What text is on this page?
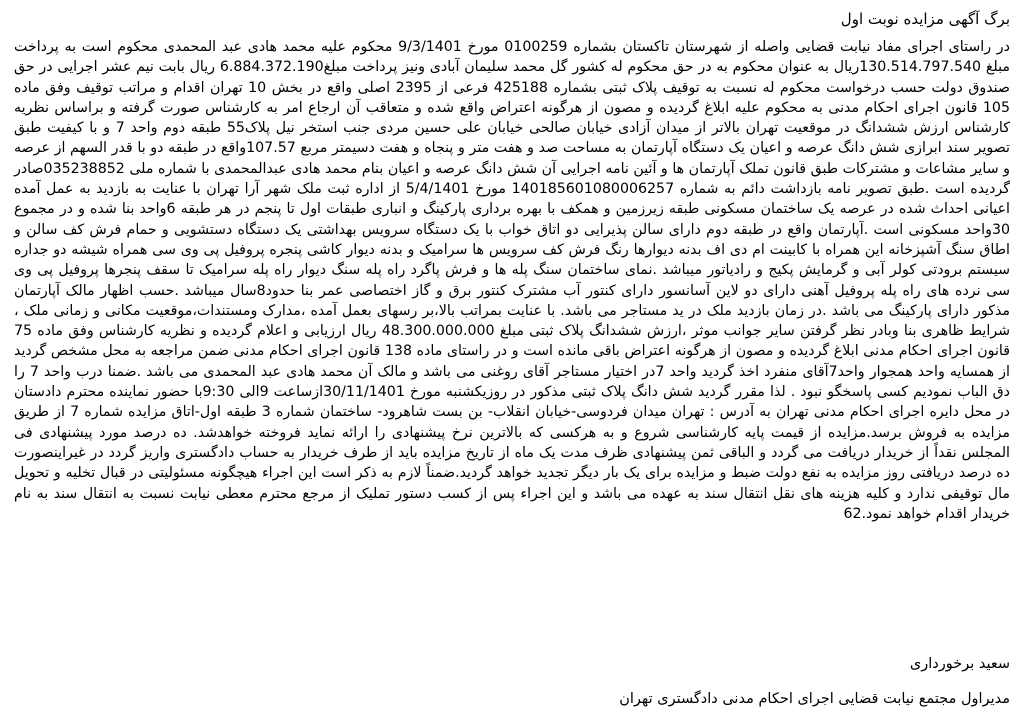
برگ آگهی مزایده نوبت اول

در راستای اجرای مفاد نیابت قضایی واصله از شهرستان تاکستان بشماره 0100259 مورخ 9/3/1401 محکوم علیه محمد هادی عبد المحمدی محکوم است به پرداخت مبلغ 130.514.797.540ریال به عنوان محکوم به در حق محکوم له کشور گل محمد سلیمان آبادی ونیز پرداخت مبلغ6.884.372.190 ریال بابت نیم عشر اجرایی در حق صندوق دولت حسب درخواست محکوم له نسبت به توقیف پلاک ثبتی بشماره 425188 فرعی از 2395 اصلی واقع در بخش 10 تهران اقدام و مراتب توقیف وفق ماده 105 قانون اجرای احکام مدنی به محکوم علیه ابلاغ گردیده و مصون از هرگونه اعتراض واقع شده و متعاقب آن ارجاع امر به کارشناس صورت گرفته و براساس نظریه کارشناس ارزش ششدانگ در موقعیت تهران بالاتر از میدان آزادی خیابان صالحی خیابان علی حسین مردی جنب استخر نیل پلاک55 طبقه دوم واحد 7 و با کیفیت طبق تصویر سند ابرازی شش دانگ عرصه و اعیان یک دستگاه آپارتمان به مساحت صد و هفت متر و پنجاه و هفت دسیمتر مربع 107.57واقع در طبقه دو با قدر السهم از عرصه و سایر مشاعات و مشترکات طبق قانون تملک آپارتمان ها و آئین نامه اجرایی آن شش دانگ عرصه و اعیان بنام محمد هادی عبدالمحمدی با شماره ملی 035238852صادر گردیده است .طبق تصویر نامه بازداشت دائم به شماره 140185601080006257 مورخ 5/4/1401 از اداره ثبت ملک شهر آرا تهران با عنایت به بازدید به عمل آمده اعیانی احداث شده در عرصه یک ساختمان مسکونی طبقه زیرزمین و همکف با بهره برداری پارکینگ و انباری طبقات اول تا پنجم در هر طبقه 6واحد بنا شده و در مجموع 30واحد مسکونی است .آپارتمان واقع در طبقه دوم دارای سالن پذیرایی دو اتاق خواب با یک دستگاه سرویس بهداشتی یک دستگاه دستشویی و حمام فرش کف سالن و اطاق سنگ آشپزخانه این همراه با کابینت ام دی اف بدنه دیوارها رنگ فرش کف سرویس ها سرامیک و بدنه دیوار کاشی پنجره پروفیل پی وی سی همراه شیشه دو جداره سیستم برودتی کولر آبی و گرمایش پکیج و رادیاتور میباشد .نمای ساختمان سنگ پله ها و فرش پاگرد راه پله سنگ دیوار راه پله سرامیک تا سقف پنجرها پروفیل پی وی سی نرده های راه پله پروفیل آهنی دارای دو لاین آسانسور دارای کنتور آب مشترک کنتور برق و گاز اختصاصی عمر بنا حدود8سال میباشد .حسب اظهار مالک آپارتمان مذکور دارای پارکینگ می باشد .در زمان بازدید ملک در ید مستاجر می باشد. با عنایت بمراتب بالا،بر رسهای بعمل آمده ،مدارک ومستندات،موقعیت مکانی و زمانی ملک ، شرایط ظاهری بنا وبادر نظر گرفتن سایر جوانب موثر ،ارزش ششدانگ پلاک ثبتی مبلغ 48.300.000.000 ریال ارزیابی و اعلام گردیده و نظریه کارشناس وفق ماده 75 قانون اجرای احکام مدنی ابلاغ گردیده و مصون از هرگونه اعتراض باقی مانده است و در راستای ماده 138 قانون اجرای احکام مدنی ضمن مراجعه به محل مشخص گردید از همسایه واحد همجوار واحد7آقای منفرد اخذ گردید واحد 7در اختیار مستاجر آقای روغنی می باشد و مالک آن محمد هادی عبد المحمدی می باشد .ضمنا درب واحد 7 را دق الباب نمودیم کسی پاسخگو نبود . لذا مقرر گردید شش دانگ پلاک ثبتی مذکور در روزیکشنبه مورخ 30/11/1401ازساعت 9الی 9:30با حضور نماینده محترم دادستان در محل دایره اجرای احکام مدنی تهران به آدرس : تهران میدان فردوسی-خیابان انقلاب- بن بست شاهرود- ساختمان شماره 3 طبقه اول-اتاق مزایده شماره 7 از طریق مزایده به فروش برسد.مزایده از قیمت پایه کارشناسی شروع و به هرکسی که بالاترین نرخ پیشنهادی را ارائه نماید فروخته خواهدشد. ده درصد مورد پیشنهادی فی المجلس نقداً از خریدار دریافت می گردد و الباقی ثمن پیشنهادی ظرف مدت یک ماه از تاریخ مزایده باید از طرف خریدار به حساب دادگستری واریز گردد در غیراینصورت ده درصد دریافتی روز مزایده به نفع دولت ضبط و مزایده برای یک بار دیگر تجدید خواهد گردید.ضمناً لازم به ذکر است این اجراء هیچگونه مسئولیتی در قبال تخلیه و تحویل مال توقیفی ندارد و کلیه هزینه های نقل انتقال سند به عهده می باشد و این اجراء پس از کسب دستور تملیک از مرجع محترم معطی نیابت نسبت به انتقال سند به نام خریدار اقدام خواهد نمود.62

سعید برخورداری
مدیراول مجتمع نیابت قضایی اجرای احکام مدنی دادگستری تهران
